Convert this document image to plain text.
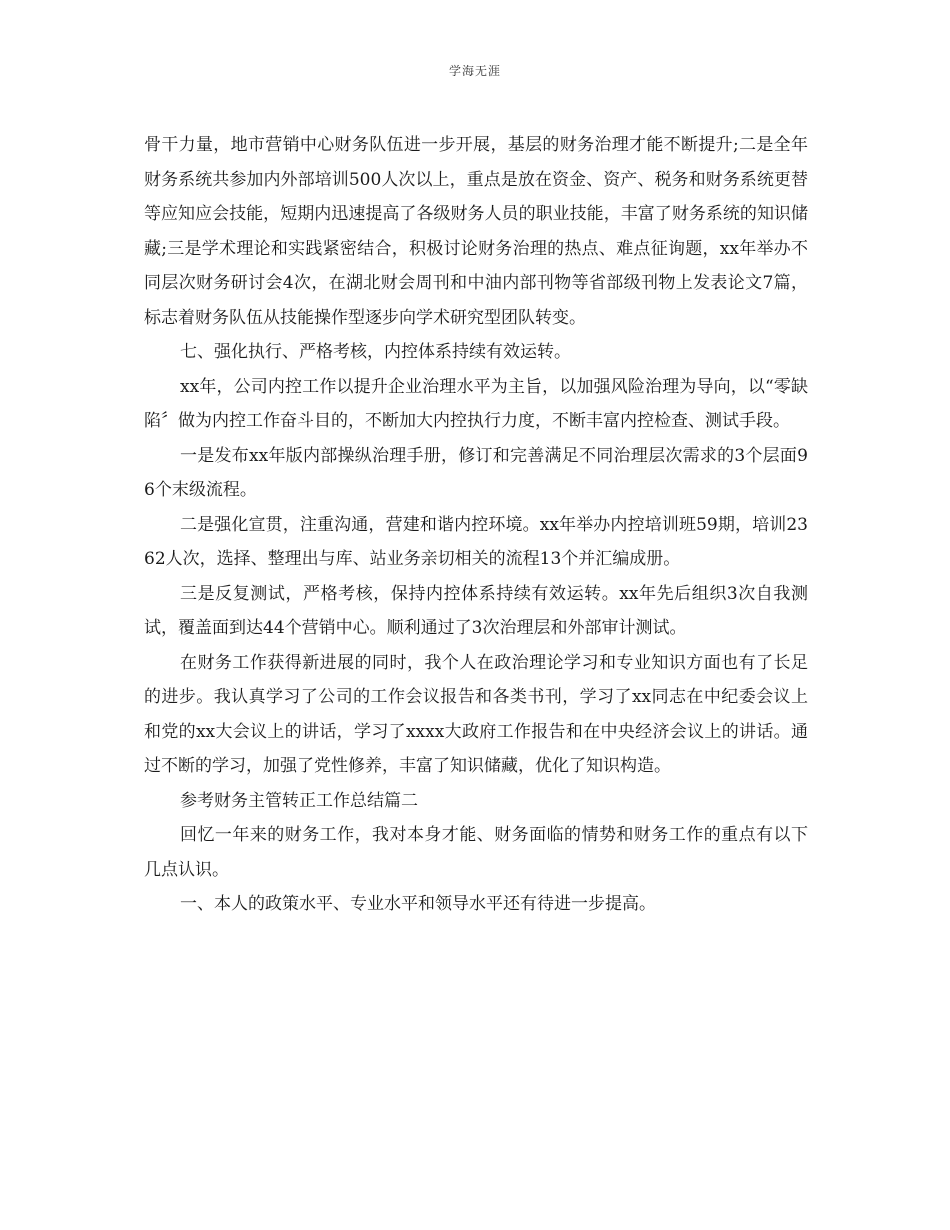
学海无涯

骨干力量，地市营销中心财务队伍进一步开展，基层的财务治理才能不断提升;二是全年财务系统共参加内外部培训500人次以上，重点是放在资金、资产、税务和财务系统更替等应知应会技能，短期内迅速提高了各级财务人员的职业技能，丰富了财务系统的知识储藏;三是学术理论和实践紧密结合，积极讨论财务治理的热点、难点征询题，xx年举办不同层次财务研讨会4次，在湖北财会周刊和中油内部刊物等省部级刊物上发表论文7篇，标志着财务队伍从技能操作型逐步向学术研究型团队转变。

七、强化执行、严格考核，内控体系持续有效运转。

xx年，公司内控工作以提升企业治理水平为主旨，以加强风险治理为导向，以“零缺陷〞做为内控工作奋斗目的，不断加大内控执行力度，不断丰富内控检查、测试手段。

一是发布xx年版内部操纵治理手册，修订和完善满足不同治理层次需求的3个层面96个末级流程。

二是强化宣贯，注重沟通，营建和谐内控环境。xx年举办内控培训班59期，培训2362人次，选择、整理出与库、站业务亲切相关的流程13个并汇编成册。

三是反复测试，严格考核，保持内控体系持续有效运转。xx年先后组织3次自我测试，覆盖面到达44个营销中心。顺利通过了3次治理层和外部审计测试。

在财务工作获得新进展的同时，我个人在政治理论学习和专业知识方面也有了长足的进步。我认真学习了公司的工作会议报告和各类书刊，学习了xx同志在中纪委会议上和党的xx大会议上的讲话，学习了xxxx大政府工作报告和在中央经济会议上的讲话。通过不断的学习，加强了党性修养，丰富了知识储藏，优化了知识构造。

参考财务主管转正工作总结篇二

回忆一年来的财务工作，我对本身才能、财务面临的情势和财务工作的重点有以下几点认识。

一、本人的政策水平、专业水平和领导水平还有待进一步提高。
